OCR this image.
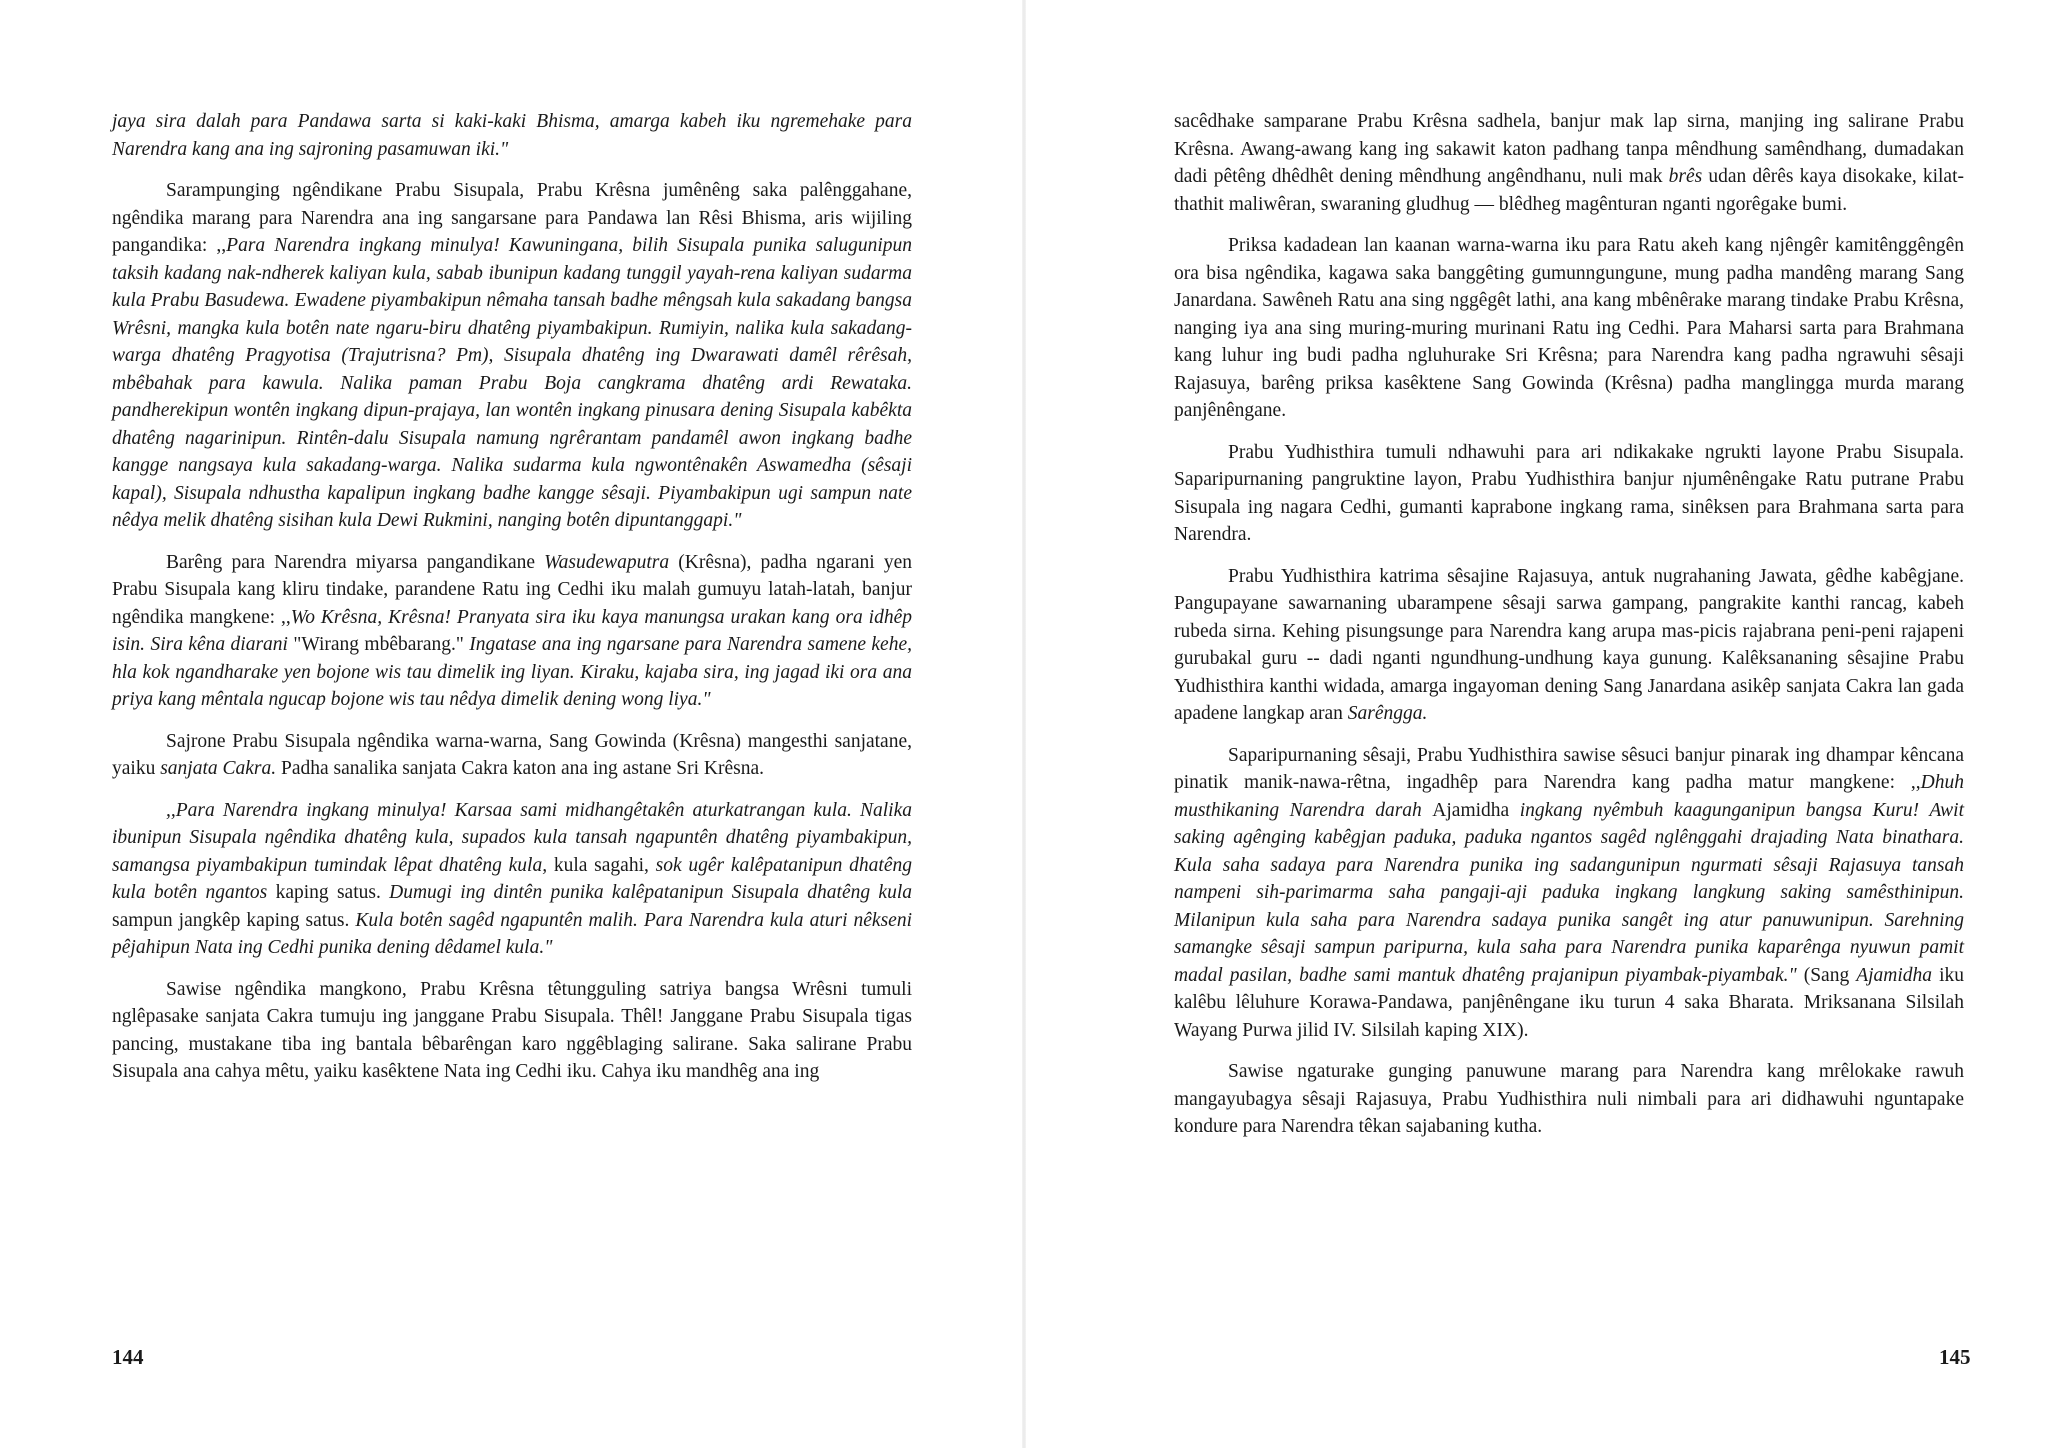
jaya sira dalah para Pandawa sarta si kaki-kaki Bhisma, amarga kabeh iku ngremehake para Narendra kang ana ing sajroning pasamuwan iki."

Sarampunging ngêndikane Prabu Sisupala, Prabu Krêsna jumênêng saka palênggahane, ngêndika marang para Narendra ana ing sangarsane para Pandawa lan Rêsi Bhisma, aris wijiling pangandika: ,,Para Narendra ingkang minulya! Kawuningana, bilih Sisupala punika salugunipun taksih kadang nak-ndherek kaliyan kula, sabab ibunipun kadang tunggil yayah-rena kaliyan sudarma kula Prabu Basudewa. Ewadene piyambakipun nêmaha tansah badhe mêngsah kula sakadang bangsa Wrêsni, mangka kula botên nate ngaru-biru dhatêng piyambakipun. Rumiyin, nalika kula sakadang-warga dhatêng Pragyotisa (Trajutrisna? Pm), Sisupala dhatêng ing Dwarawati damêl rêrêsah, mbêbahak para kawula. Nalika paman Prabu Boja cangkrama dhatêng ardi Rewataka. pandherekipun wontên ingkang dipun-prajaya, lan wontên ingkang pinusara dening Sisupala kabêkta dhatêng nagarinipun. Rintên-dalu Sisupala namung ngrêrantam pandamêl awon ingkang badhe kangge nangsaya kula sakadang-warga. Nalika sudarma kula ngwontênakên Aswamedha (sêsaji kapal), Sisupala ndhustha kapalipun ingkang badhe kangge sêsaji. Piyambakipun ugi sampun nate nêdya melik dhatêng sisihan kula Dewi Rukmini, nanging botên dipuntanggapi."

Barêng para Narendra miyarsa pangandikane Wasudewaputra (Krêsna), padha ngarani yen Prabu Sisupala kang kliru tindake, parandene Ratu ing Cedhi iku malah gumuyu latah-latah, banjur ngêndika mangkene: ,,Wo Krêsna, Krêsna! Pranyata sira iku kaya manungsa urakan kang ora idhêp isin. Sira kêna diarani "Wirang mbêbarang." Ingatase ana ing ngarsane para Narendra samene kehe, hla kok ngandharake yen bojone wis tau dimelik ing liyan. Kiraku, kajaba sira, ing jagad iki ora ana priya kang mêntala ngucap bojone wis tau nêdya dimelik dening wong liya."

Sajrone Prabu Sisupala ngêndika warna-warna, Sang Gowinda (Krêsna) mangesthi sanjatane, yaiku sanjata Cakra. Padha sanalika sanjata Cakra katon ana ing astane Sri Krêsna.

,,Para Narendra ingkang minulya! Karsaa sami midhangêtakên aturkatrangan kula. Nalika ibunipun Sisupala ngêndika dhatêng kula, supados kula tansah ngapuntên dhatêng piyambakipun, samangsa piyambakipun tumindak lêpat dhatêng kula, kula sagahi, sok ugêr kalêpatanipun dhatêng kula botên ngantos kaping satus. Dumugi ing dintên punika kalêpatanipun Sisupala dhatêng kula sampun jangkêp kaping satus. Kula botên sagêd ngapuntên malih. Para Narendra kula aturi nêkseni pêjahipun Nata ing Cedhi punika dening dêdamel kula."

Sawise ngêndika mangkono, Prabu Krêsna têtungguling satriya bangsa Wrêsni tumuli nglêpasake sanjata Cakra tumuju ing janggane Prabu Sisupala. Thêl! Janggane Prabu Sisupala tigas pancing, mustakane tiba ing bantala bêbarêngan karo nggêblaging salirane. Saka salirane Prabu Sisupala ana cahya mêtu, yaiku kasêktene Nata ing Cedhi iku. Cahya iku mandhêg ana ing

144

sacêdhake samparane Prabu Krêsna sadhela, banjur mak lap sirna, manjing ing salirane Prabu Krêsna. Awang-awang kang ing sakawit katon padhang tanpa mêndhung samêndhang, dumadakan dadi pêtêng dhêdhêt dening mêndhung angêndhanu, nuli mak brês udan dêrês kaya disokake, kilat-thathit maliwêran, swaraning gludhug — blêdheg magênturan nganti ngorêgake bumi.

Priksa kadadean lan kaanan warna-warna iku para Ratu akeh kang njêngêr kamitênggêngên ora bisa ngêndika, kagawa saka banggêting gumunngungune, mung padha mandêng marang Sang Janardana. Sawêneh Ratu ana sing nggêgêt lathi, ana kang mbênêrake marang tindake Prabu Krêsna, nanging iya ana sing muring-muring murinani Ratu ing Cedhi. Para Maharsi sarta para Brahmana kang luhur ing budi padha ngluhurake Sri Krêsna; para Narendra kang padha ngrawuhi sêsaji Rajasuya, barêng priksa kasêktene Sang Gowinda (Krêsna) padha manglingga murda marang panjênêngane.

Prabu Yudhisthira tumuli ndhawuhi para ari ndikakake ngrukti layone Prabu Sisupala. Saparipurnaning pangruktine layon, Prabu Yudhisthira banjur njumênêngake Ratu putrane Prabu Sisupala ing nagara Cedhi, gumanti kaprabone ingkang rama, sinêksen para Brahmana sarta para Narendra.

Prabu Yudhisthira katrima sêsajine Rajasuya, antuk nugrahaning Jawata, gêdhe kabêgjane. Pangupayane sawarnaning ubarampene sêsaji sarwa gampang, pangrakite kanthi rancag, kabeh rubeda sirna. Kehing pisungsunge para Narendra kang arupa mas-picis rajabrana peni-peni rajapeni gurubakal guru -- dadi nganti ngundhung-undhung kaya gunung. Kalêksananing sêsajine Prabu Yudhisthira kanthi widada, amarga ingayoman dening Sang Janardana asikêp sanjata Cakra lan gada apadene langkap aran Sarêngga.

Saparipurnaning sêsaji, Prabu Yudhisthira sawise sêsuci banjur pinarak ing dhampar kêncana pinatik manik-nawa-rêtna, ingadhêp para Narendra kang padha matur mangkene: ,,Dhuh musthikaning Narendra darah Ajamidha ingkang nyêmbuh kaagunganipun bangsa Kuru! Awit saking agênging kabêgjan paduka, paduka ngantos sagêd nglênggahi drajading Nata binathara. Kula saha sadaya para Narendra punika ing sadangunipun ngurmati sêsaji Rajasuya tansah nampeni sih-parimarma saha pangaji-aji paduka ingkang langkung saking samêsthinipun. Milanipun kula saha para Narendra sadaya punika sangêt ing atur panuwunipun. Sarehning samangke sêsaji sampun paripurna, kula saha para Narendra punika kaparênga nyuwun pamit madal pasilan, badhe sami mantuk dhatêng prajanipun piyambak-piyambak." (Sang Ajamidha iku kalêbu lêluhure Korawa-Pandawa, panjênêngane iku turun 4 saka Bharata. Mriksanana Silsilah Wayang Purwa jilid IV. Silsilah kaping XIX).

Sawise ngaturake gunging panuwune marang para Narendra kang mrêlokake rawuh mangayubagya sêsaji Rajasuya, Prabu Yudhisthira nuli nimbali para ari didhawuhi nguntapake kondure para Narendra têkan sajabaning kutha.

145
